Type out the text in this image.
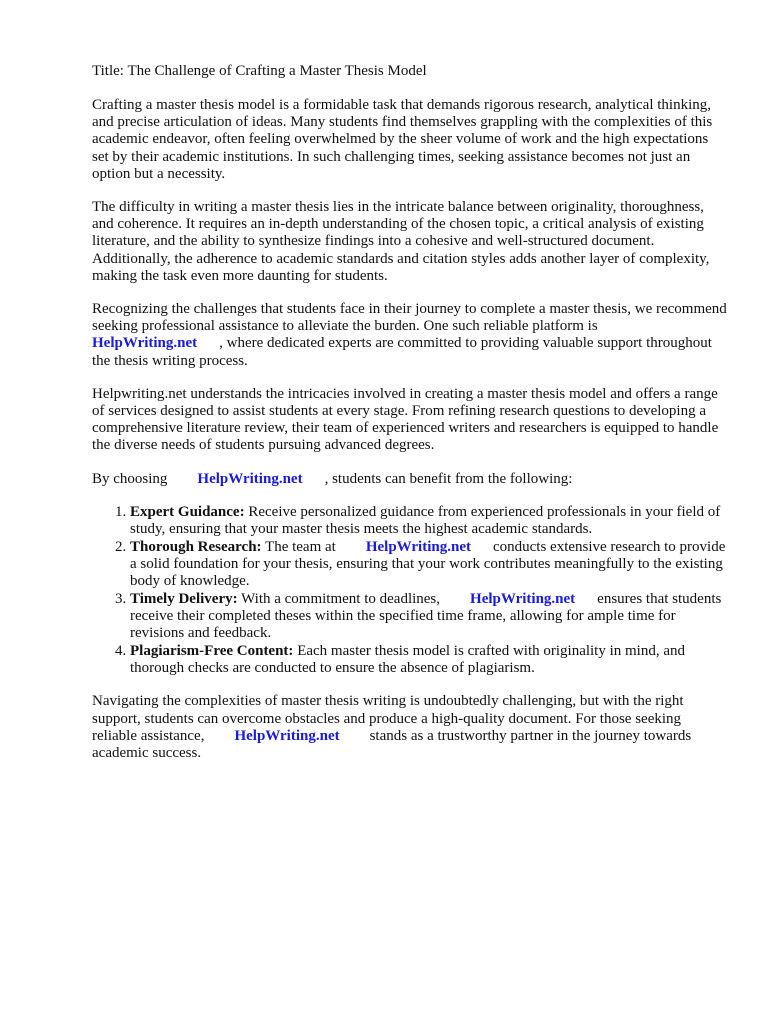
Title: The Challenge of Crafting a Master Thesis Model

Crafting a master thesis model is a formidable task that demands rigorous research, analytical thinking, and precise articulation of ideas. Many students find themselves grappling with the complexities of this academic endeavor, often feeling overwhelmed by the sheer volume of work and the high expectations set by their academic institutions. In such challenging times, seeking assistance becomes not just an option but a necessity.

The difficulty in writing a master thesis lies in the intricate balance between originality, thoroughness, and coherence. It requires an in-depth understanding of the chosen topic, a critical analysis of existing literature, and the ability to synthesize findings into a cohesive and well-structured document. Additionally, the adherence to academic standards and citation styles adds another layer of complexity, making the task even more daunting for students.

Recognizing the challenges that students face in their journey to complete a master thesis, we recommend seeking professional assistance to alleviate the burden. One such reliable platform is
HelpWriting.net , where dedicated experts are committed to providing valuable support throughout the thesis writing process.

Helpwriting.net understands the intricacies involved in creating a master thesis model and offers a range of services designed to assist students at every stage. From refining research questions to developing a comprehensive literature review, their team of experienced writers and researchers is equipped to handle the diverse needs of students pursuing advanced degrees.

By choosing HelpWriting.net , students can benefit from the following:

1. Expert Guidance: Receive personalized guidance from experienced professionals in your field of study, ensuring that your master thesis meets the highest academic standards.
2. Thorough Research: The team at HelpWriting.net conducts extensive research to provide a solid foundation for your thesis, ensuring that your work contributes meaningfully to the existing body of knowledge.
3. Timely Delivery: With a commitment to deadlines, HelpWriting.net ensures that students receive their completed theses within the specified time frame, allowing for ample time for revisions and feedback.
4. Plagiarism-Free Content: Each master thesis model is crafted with originality in mind, and thorough checks are conducted to ensure the absence of plagiarism.

Navigating the complexities of master thesis writing is undoubtedly challenging, but with the right support, students can overcome obstacles and produce a high-quality document. For those seeking reliable assistance, HelpWriting.net stands as a trustworthy partner in the journey towards academic success.
